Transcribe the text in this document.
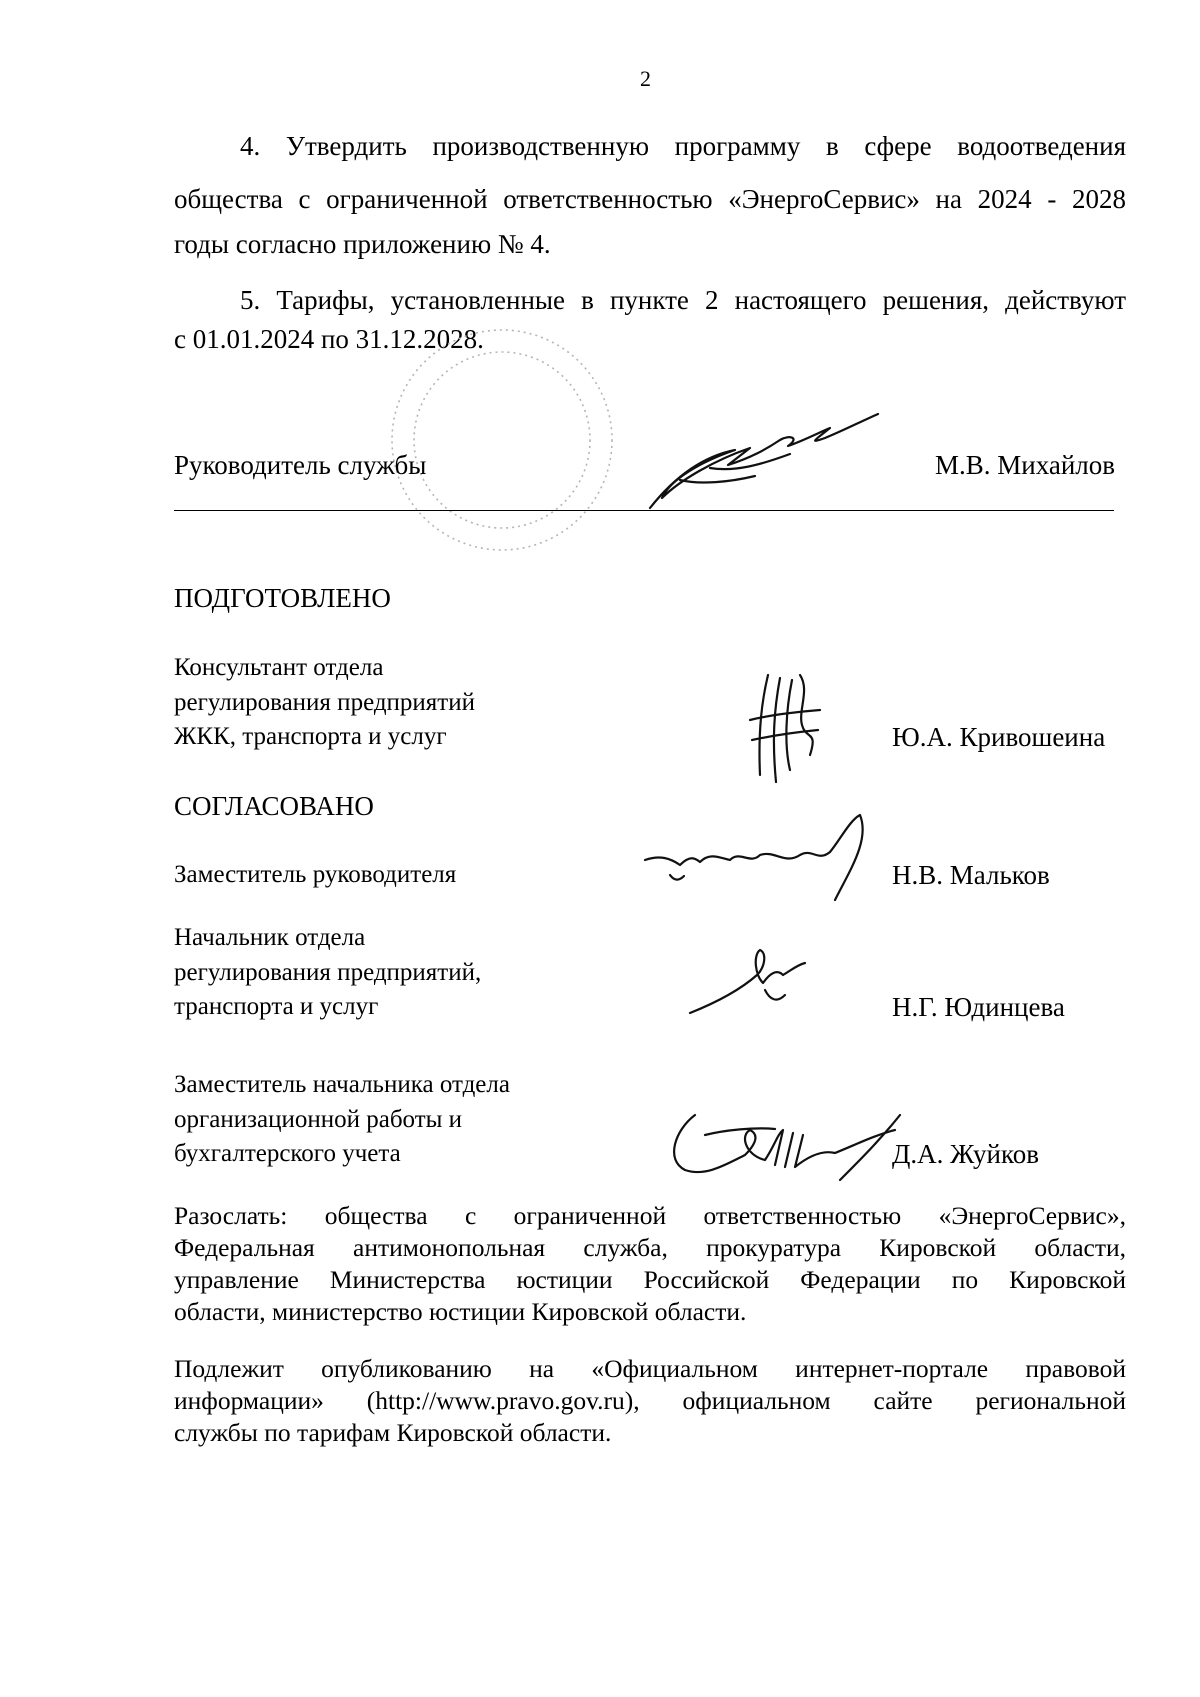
2
4. Утвердить производственную программу в сфере водоотведения
общества с ограниченной ответственностью «ЭнергоСервис» на 2024 - 2028
годы согласно приложению № 4.
5. Тарифы, установленные в пункте 2 настоящего решения, действуют
с 01.01.2024 по 31.12.2028.
Руководитель службы	М.В. Михайлов
ПОДГОТОВЛЕНО
Консультант отдела
регулирования предприятий
ЖКК, транспорта и услуг	Ю.А. Кривошеина
СОГЛАСОВАНО
Заместитель руководителя	Н.В. Мальков
Начальник отдела
регулирования предприятий,
транспорта и услуг	Н.Г. Юдинцева
Заместитель начальника отдела
организационной работы и
бухгалтерского учета	Д.А. Жуйков
Разослать: общества с ограниченной ответственностью «ЭнергоСервис»,
Федеральная антимонопольная служба, прокуратура Кировской области,
управление Министерства юстиции Российской Федерации по Кировской
области, министерство юстиции Кировской области.
Подлежит опубликованию на «Официальном интернет-портале правовой
информации» (http://www.pravo.gov.ru), официальном сайте региональной
службы по тарифам Кировской области.
